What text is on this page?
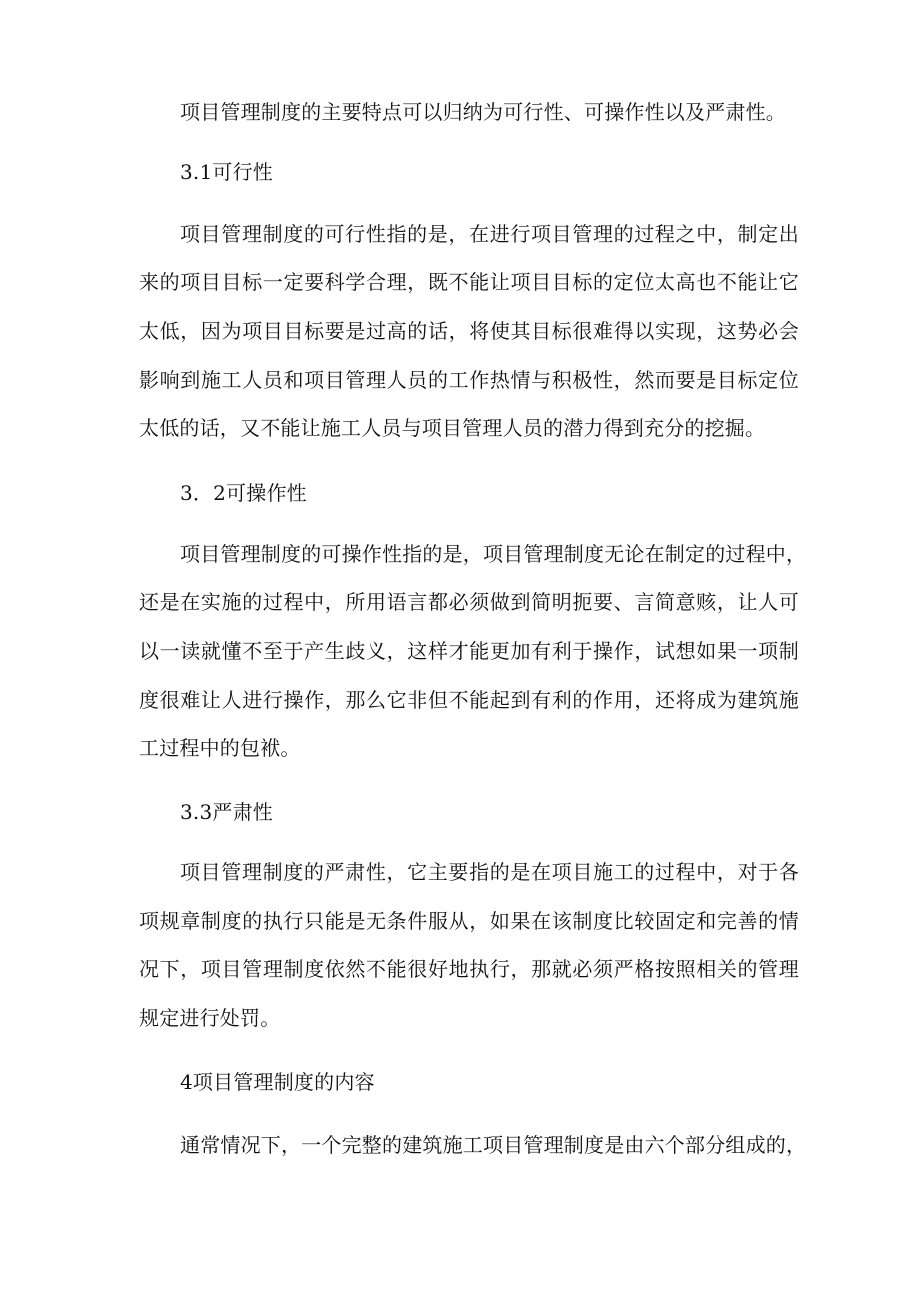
项目管理制度的主要特点可以归纳为可行性、可操作性以及严肃性。
3.1可行性
项目管理制度的可行性指的是，在进行项目管理的过程之中，制定出
来的项目目标一定要科学合理，既不能让项目目标的定位太高也不能让它
太低，因为项目目标要是过高的话，将使其目标很难得以实现，这势必会
影响到施工人员和项目管理人员的工作热情与积极性，然而要是目标定位
太低的话，又不能让施工人员与项目管理人员的潜力得到充分的挖掘。
3．2可操作性
项目管理制度的可操作性指的是，项目管理制度无论在制定的过程中，
还是在实施的过程中，所用语言都必须做到简明扼要、言简意赅，让人可
以一读就懂不至于产生歧义，这样才能更加有利于操作，试想如果一项制
度很难让人进行操作，那么它非但不能起到有利的作用，还将成为建筑施
工过程中的包袱。
3.3严肃性
项目管理制度的严肃性，它主要指的是在项目施工的过程中，对于各
项规章制度的执行只能是无条件服从，如果在该制度比较固定和完善的情
况下，项目管理制度依然不能很好地执行，那就必须严格按照相关的管理
规定进行处罚。
4项目管理制度的内容
通常情况下，一个完整的建筑施工项目管理制度是由六个部分组成的，
